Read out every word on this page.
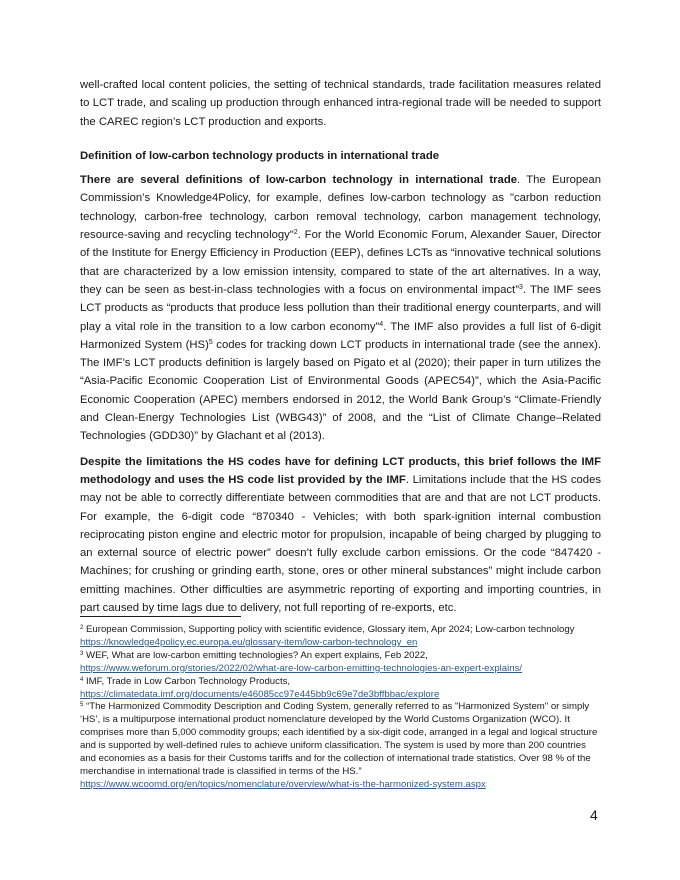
well-crafted local content policies, the setting of technical standards, trade facilitation measures related to LCT trade, and scaling up production through enhanced intra-regional trade will be needed to support the CAREC region’s LCT production and exports.

Definition of low-carbon technology products in international trade

There are several definitions of low-carbon technology in international trade. The European Commission’s Knowledge4Policy, for example, defines low-carbon technology as "carbon reduction technology, carbon-free technology, carbon removal technology, carbon management technology, resource-saving and recycling technology"$^2$. For the World Economic Forum, Alexander Sauer, Director of the Institute for Energy Efficiency in Production (EEP), defines LCTs as “innovative technical solutions that are characterized by a low emission intensity, compared to state of the art alternatives. In a way, they can be seen as best-in-class technologies with a focus on environmental impact”$^3$. The IMF sees LCT products as “products that produce less pollution than their traditional energy counterparts, and will play a vital role in the transition to a low carbon economy”$^4$. The IMF also provides a full list of 6-digit Harmonized System (HS)$^5$ codes for tracking down LCT products in international trade (see the annex). The IMF’s LCT products definition is largely based on Pigato et al (2020); their paper in turn utilizes the “Asia-Pacific Economic Cooperation List of Environmental Goods (APEC54)”, which the Asia-Pacific Economic Cooperation (APEC) members endorsed in 2012, the World Bank Group’s “Climate-Friendly and Clean-Energy Technologies List (WBG43)” of 2008, and the “List of Climate Change–Related Technologies (GDD30)” by Glachant et al (2013).

Despite the limitations the HS codes have for defining LCT products, this brief follows the IMF methodology and uses the HS code list provided by the IMF. Limitations include that the HS codes may not be able to correctly differentiate between commodities that are and that are not LCT products. For example, the 6-digit code “870340 - Vehicles; with both spark-ignition internal combustion reciprocating piston engine and electric motor for propulsion, incapable of being charged by plugging to an external source of electric power” doesn’t fully exclude carbon emissions. Or the code “847420 - Machines; for crushing or grinding earth, stone, ores or other mineral substances” might include carbon emitting machines. Other difficulties are asymmetric reporting of exporting and importing countries, in part caused by time lags due to delivery, not full reporting of re-exports, etc.

$^2$ European Commission, Supporting policy with scientific evidence, Glossary item, Apr 2024; Low-carbon technology https://knowledge4policy.ec.europa.eu/glossary-item/low-carbon-technology_en

$^3$ WEF, What are low-carbon emitting technologies? An expert explains, Feb 2022, https://www.weforum.org/stories/2022/02/what-are-low-carbon-emitting-technologies-an-expert-explains/

$^4$ IMF, Trade in Low Carbon Technology Products, https://climatedata.imf.org/documents/e46085cc97e445bb9c69e7de3bffbbac/explore

$^5$ “The Harmonized Commodity Description and Coding System, generally referred to as "Harmonized System" or simply ‘HS’, is a multipurpose international product nomenclature developed by the World Customs Organization (WCO). It comprises more than 5,000 commodity groups; each identified by a six-digit code, arranged in a legal and logical structure and is supported by well-defined rules to achieve uniform classification. The system is used by more than 200 countries and economies as a basis for their Customs tariffs and for the collection of international trade statistics. Over 98 % of the merchandise in international trade is classified in terms of the HS.” https://www.wcoomd.org/en/topics/nomenclature/overview/what-is-the-harmonized-system.aspx

4
